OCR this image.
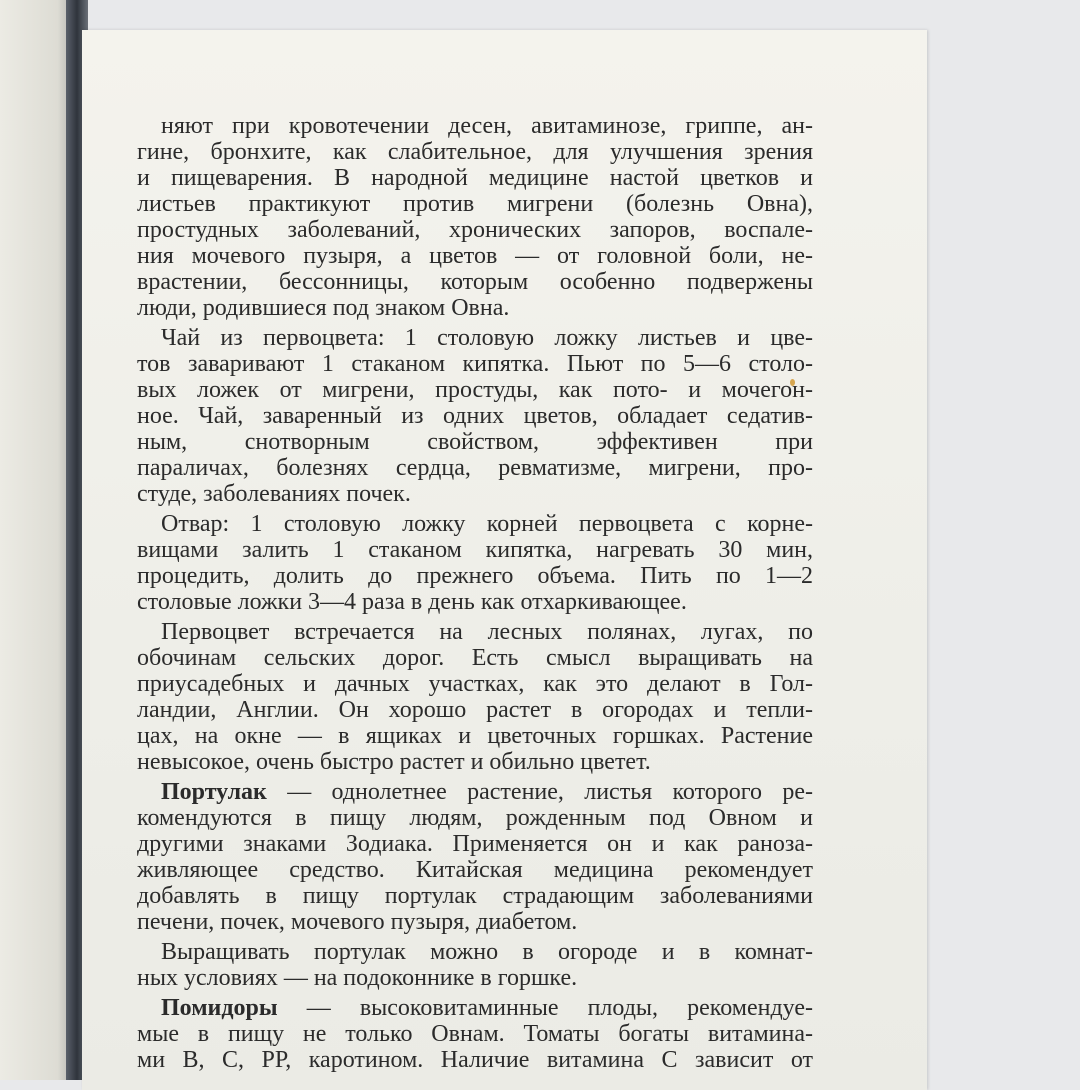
няют при кровотечении десен, авитаминозе, гриппе, ан-
гине, бронхите, как слабительное, для улучшения зрения
и пищеварения. В народной медицине настой цветков и
листьев практикуют против мигрени (болезнь Овна),
простудных заболеваний, хронических запоров, воспале-
ния мочевого пузыря, а цветов — от головной боли, не-
врастении, бессонницы, которым особенно подвержены
люди, родившиеся под знаком Овна.
Чай из первоцвета: 1 столовую ложку листьев и цве-
тов заваривают 1 стаканом кипятка. Пьют по 5—6 столо-
вых ложек от мигрени, простуды, как пото- и мочегон-
ное. Чай, заваренный из одних цветов, обладает седатив-
ным, снотворным свойством, эффективен при
параличах, болезнях сердца, ревматизме, мигрени, про-
студе, заболеваниях почек.
Отвар: 1 столовую ложку корней первоцвета с корне-
вищами залить 1 стаканом кипятка, нагревать 30 мин,
процедить, долить до прежнего объема. Пить по 1—2
столовые ложки 3—4 раза в день как отхаркивающее.
Первоцвет встречается на лесных полянах, лугах, по
обочинам сельских дорог. Есть смысл выращивать на
приусадебных и дачных участках, как это делают в Гол-
ландии, Англии. Он хорошо растет в огородах и тепли-
цах, на окне — в ящиках и цветочных горшках. Растение
невысокое, очень быстро растет и обильно цветет.
Портулак — однолетнее растение, листья которого ре-
комендуются в пищу людям, рожденным под Овном и
другими знаками Зодиака. Применяется он и как раноза-
живляющее средство. Китайская медицина рекомендует
добавлять в пищу портулак страдающим заболеваниями
печени, почек, мочевого пузыря, диабетом.
Выращивать портулак можно в огороде и в комнат-
ных условиях — на подоконнике в горшке.
Помидоры — высоковитаминные плоды, рекомендуе-
мые в пищу не только Овнам. Томаты богаты витамина-
ми В, С, РР, каротином. Наличие витамина С зависит от
